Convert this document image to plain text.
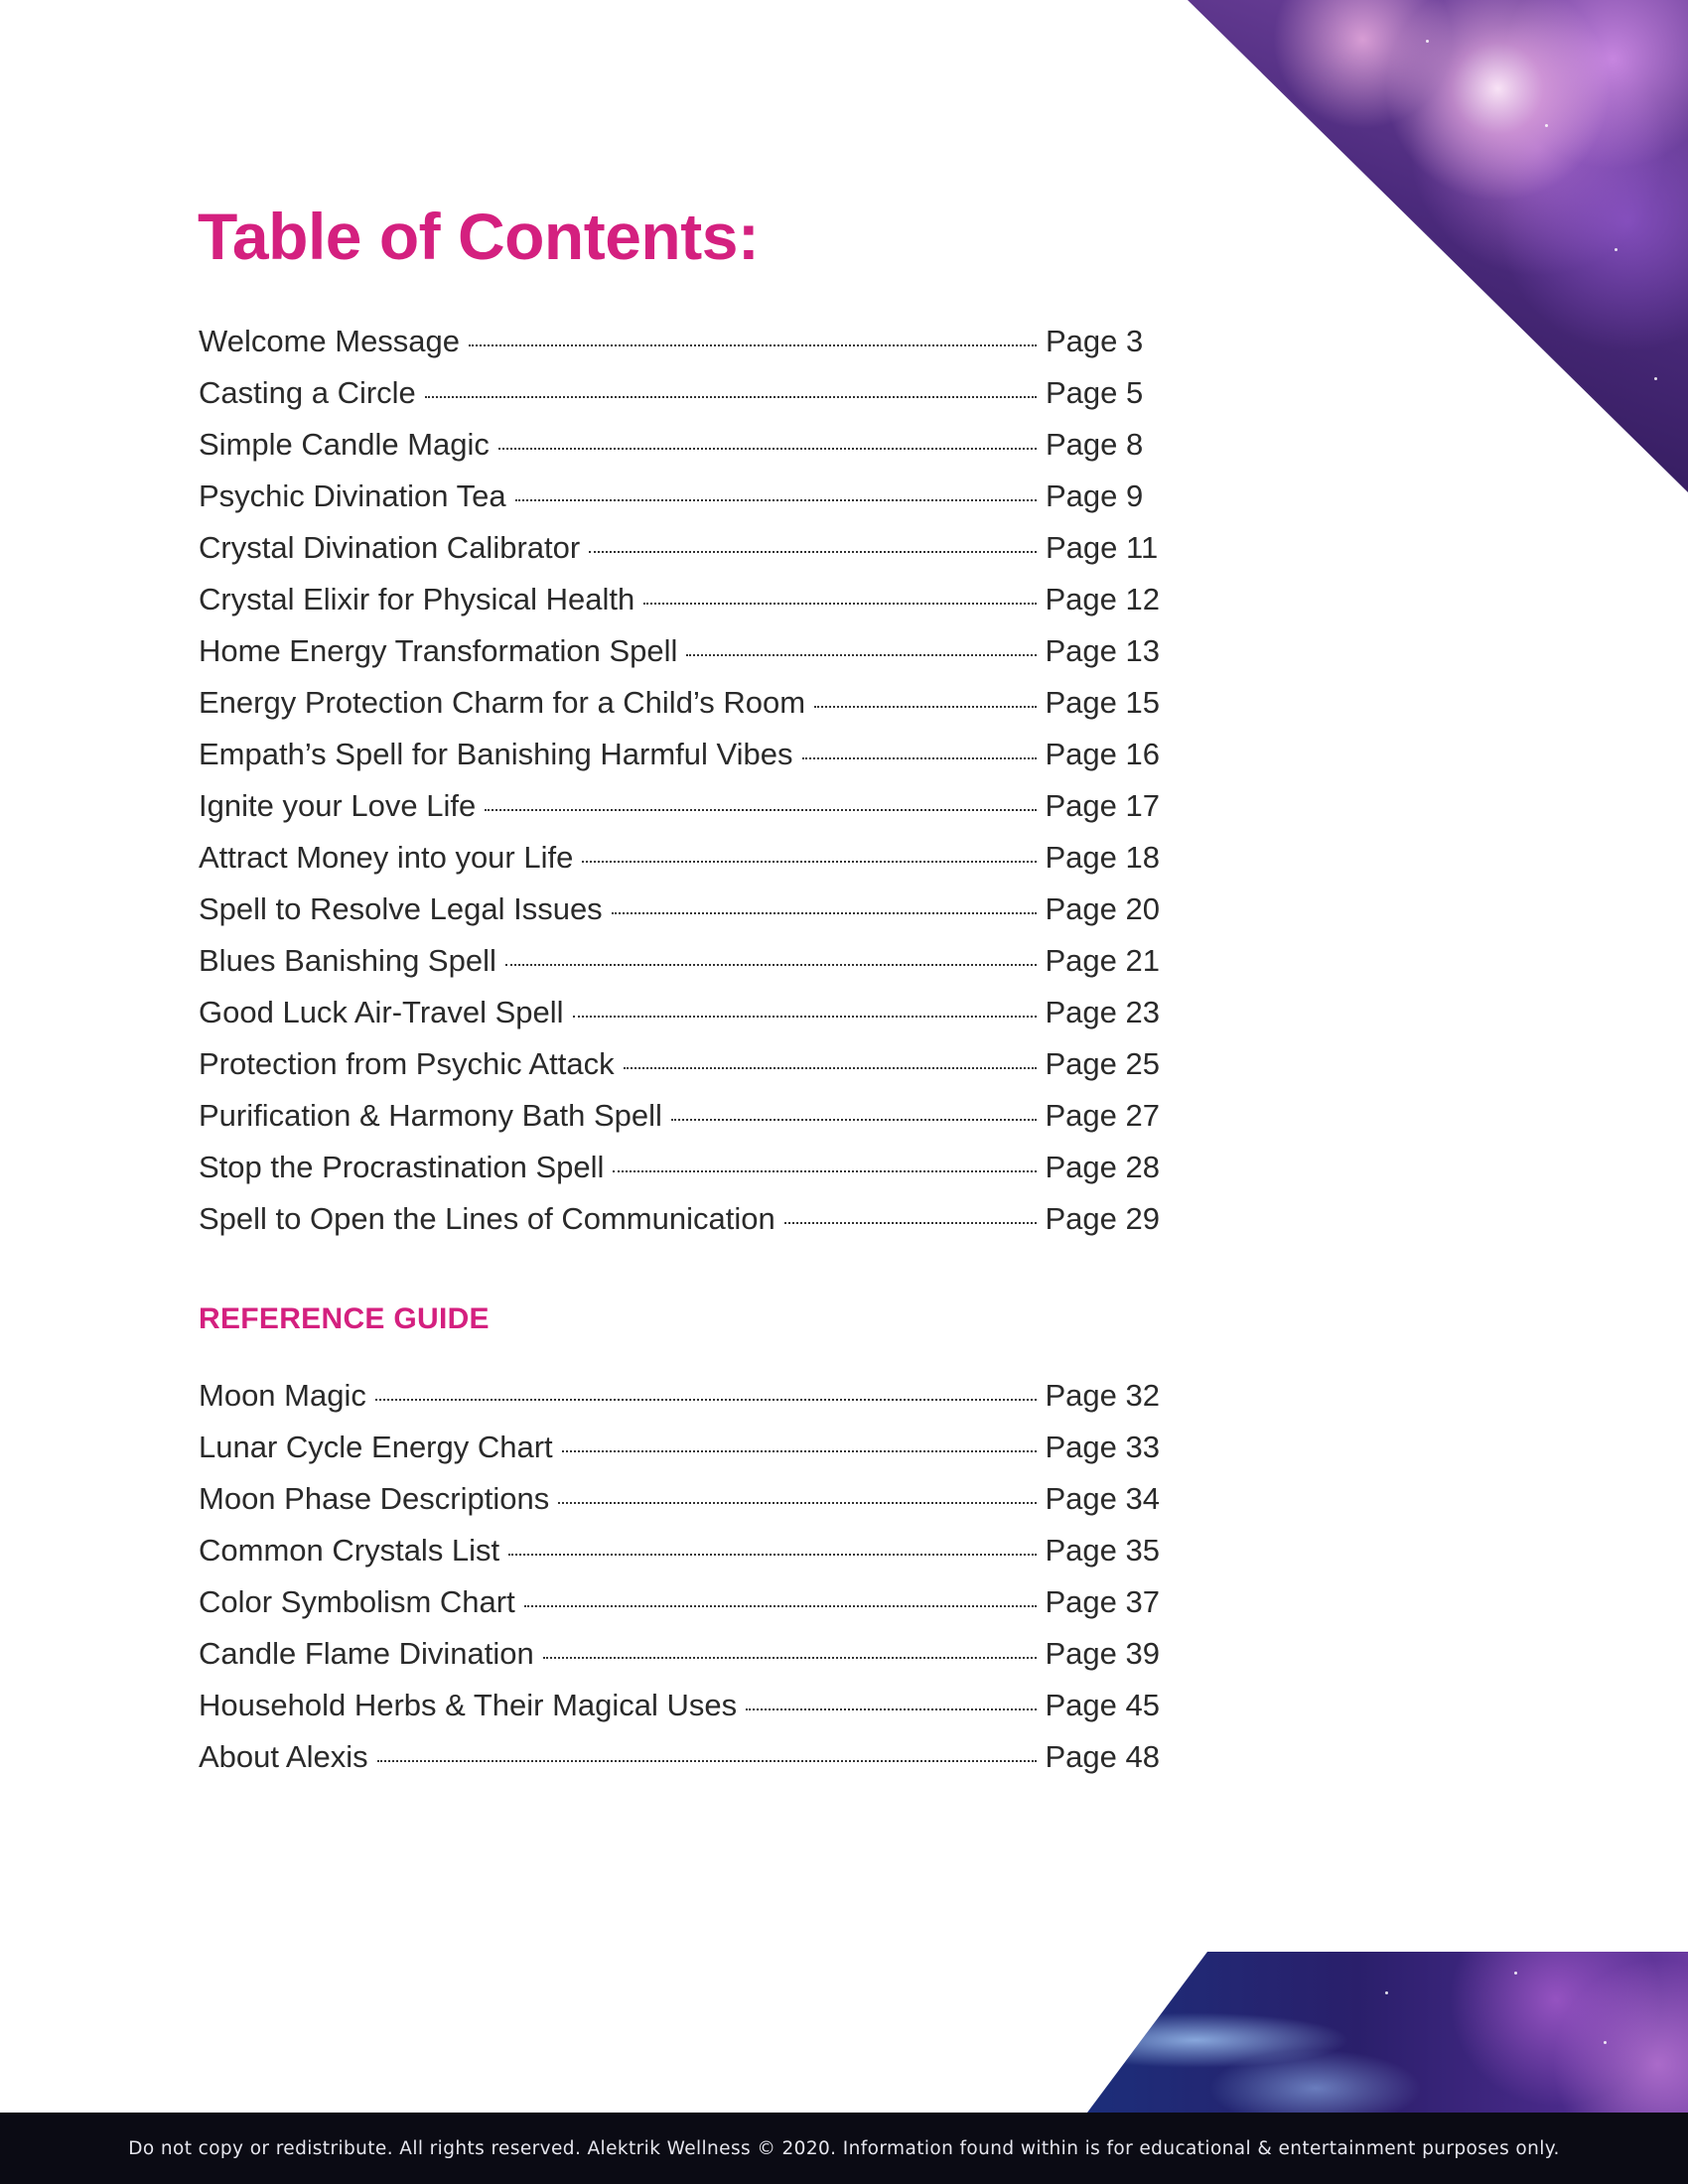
Table of Contents:
Welcome Message	Page 3
Casting a Circle	Page 5
Simple Candle Magic	Page 8
Psychic Divination Tea	Page 9
Crystal Divination Calibrator	Page 11
Crystal Elixir for Physical Health	Page 12
Home Energy Transformation Spell	Page 13
Energy Protection Charm for a Child’s Room	Page 15
Empath’s Spell for Banishing Harmful Vibes	Page 16
Ignite your Love Life	Page 17
Attract Money into your Life	Page 18
Spell to Resolve Legal Issues	Page 20
Blues Banishing Spell	Page 21
Good Luck Air-Travel Spell	Page 23
Protection from Psychic Attack	Page 25
Purification & Harmony Bath Spell	Page 27
Stop the Procrastination Spell	Page 28
Spell to Open the Lines of Communication	Page 29
REFERENCE GUIDE
Moon Magic	Page 32
Lunar Cycle Energy Chart	Page 33
Moon Phase Descriptions	Page 34
Common Crystals List	Page 35
Color Symbolism Chart	Page 37
Candle Flame Divination	Page 39
Household Herbs & Their Magical Uses	Page 45
About Alexis	Page 48
Do not copy or redistribute. All rights reserved. Alektrik Wellness © 2020. Information found within is for educational & entertainment purposes only.
